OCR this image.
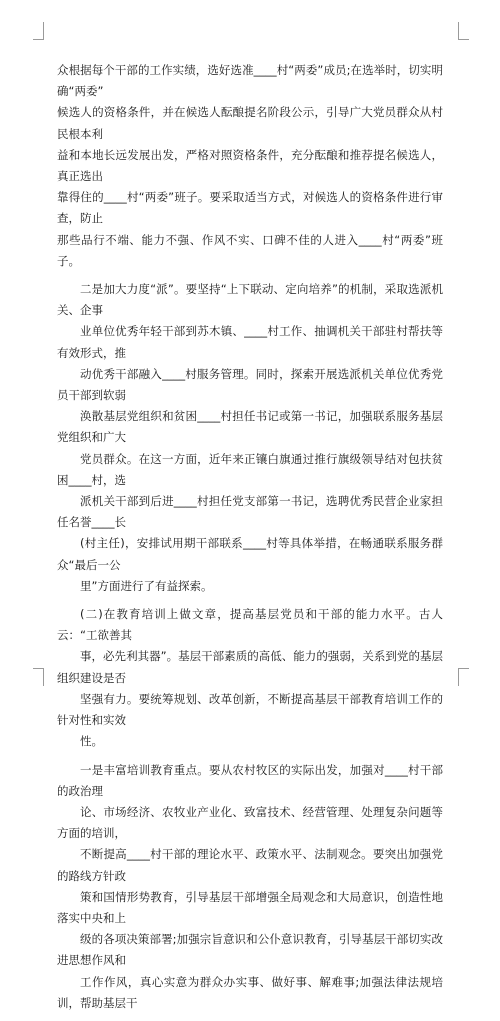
众根据每个干部的工作实绩，选好选准____村“两委”成员;在选举时，切实明确“两委”
候选人的资格条件，并在候选人酝酿提名阶段公示，引导广大党员群众从村民根本利
益和本地长远发展出发，严格对照资格条件，充分酝酿和推荐提名候选人，真正选出
靠得住的____村“两委”班子。要采取适当方式，对候选人的资格条件进行审查，防止
那些品行不端、能力不强、作风不实、口碑不佳的人进入____村“两委”班子。

二是加大力度“派”。要坚持“上下联动、定向培养”的机制，采取选派机关、企事
业单位优秀年轻干部到苏木镇、____村工作、抽调机关干部驻村帮扶等有效形式，推
动优秀干部融入____村服务管理。同时，探索开展选派机关单位优秀党员干部到软弱
涣散基层党组织和贫困____村担任书记或第一书记，加强联系服务基层党组织和广大
党员群众。在这一方面，近年来正镶白旗通过推行旗级领导结对包扶贫困____村，选
派机关干部到后进____村担任党支部第一书记，选聘优秀民营企业家担任名誉____长
(村主任)，安排试用期干部联系____村等具体举措，在畅通联系服务群众“最后一公
里”方面进行了有益探索。

(二)在教育培训上做文章，提高基层党员和干部的能力水平。古人云：“工欲善其
事，必先利其器”。基层干部素质的高低、能力的强弱，关系到党的基层组织建设是否
坚强有力。要统筹规划、改革创新，不断提高基层干部教育培训工作的针对性和实效
性。

一是丰富培训教育重点。要从农村牧区的实际出发，加强对____村干部的政治理
论、市场经济、农牧业产业化、致富技术、经营管理、处理复杂问题等方面的培训，
不断提高____村干部的理论水平、政策水平、法制观念。要突出加强党的路线方针政
策和国情形势教育，引导基层干部增强全局观念和大局意识，创造性地落实中央和上
级的各项决策部署;加强宗旨意识和公仆意识教育，引导基层干部切实改进思想作风和
工作作风，真心实意为群众办实事、做好事、解难事;加强法律法规培训，帮助基层干
